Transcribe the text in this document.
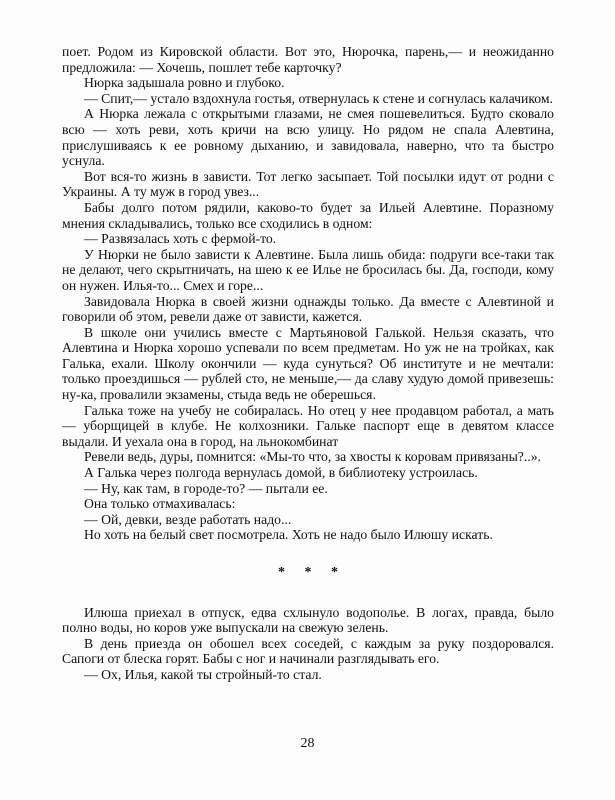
поет. Родом из Кировской области. Вот это, Нюрочка, парень,— и неожиданно предложила: — Хочешь, пошлет тебе карточку?

Нюрка задышала ровно и глубоко.

— Спит,— устало вздохнула гостья, отвернулась к стене и согнулась калачиком.

А Нюрка лежала с открытыми глазами, не смея пошевелиться. Будто сковало всю — хоть реви, хоть кричи на всю улицу. Но рядом не спала Алевтина, прислушиваясь к ее ровному дыханию, и завидовала, наверно, что та быстро уснула.

Вот вся-то жизнь в зависти. Тот легко засыпает. Той посылки идут от родни с Украины. А ту муж в город увез...

Бабы долго потом рядили, каково-то будет за Ильей Алевтине. Поразному мнения складывались, только все сходились в одном:

— Развязалась хоть с фермой-то.

У Нюрки не было зависти к Алевтине. Была лишь обида: подруги все-таки так не делают, чего скрытничать, на шею к ее Илье не бросилась бы. Да, господи, кому он нужен. Илья-то... Смех и горе...

Завидовала Нюрка в своей жизни однажды только. Да вместе с Алевтиной и говорили об этом, ревели даже от зависти, кажется.

В школе они учились вместе с Мартьяновой Галькой. Нельзя сказать, что Алевтина и Нюрка хорошо успевали по всем предметам. Но уж не на тройках, как Галька, ехали. Школу окончили — куда сунуться? Об институте и не мечтали: только проездишься — рублей сто, не меньше,— да славу худую домой привезешь: ну-ка, провалили экзамены, стыда ведь не оберешься.

Галька тоже на учебу не собиралась. Но отец у нее продавцом работал, а мать — уборщицей в клубе. Не колхозники. Гальке паспорт еще в девятом классе выдали. И уехала она в город, на льнокомбинат

Ревели ведь, дуры, помнится: «Мы-то что, за хвосты к коровам привязаны?..».

А Галька через полгода вернулась домой, в библиотеку устроилась.

— Ну, как там, в городе-то? — пытали ее.

Она только отмахивалась:

— Ой, девки, везде работать надо...

Но хоть на белый свет посмотрела. Хоть не надо было Илюшу искать.

* * *

Илюша приехал в отпуск, едва схлынуло водополье. В логах, правда, было полно воды, но коров уже выпускали на свежую зелень.

В день приезда он обошел всех соседей, с каждым за руку поздоровался. Сапоги от блеска горят. Бабы с ног и начинали разглядывать его.

— Ох, Илья, какой ты стройный-то стал.

28
